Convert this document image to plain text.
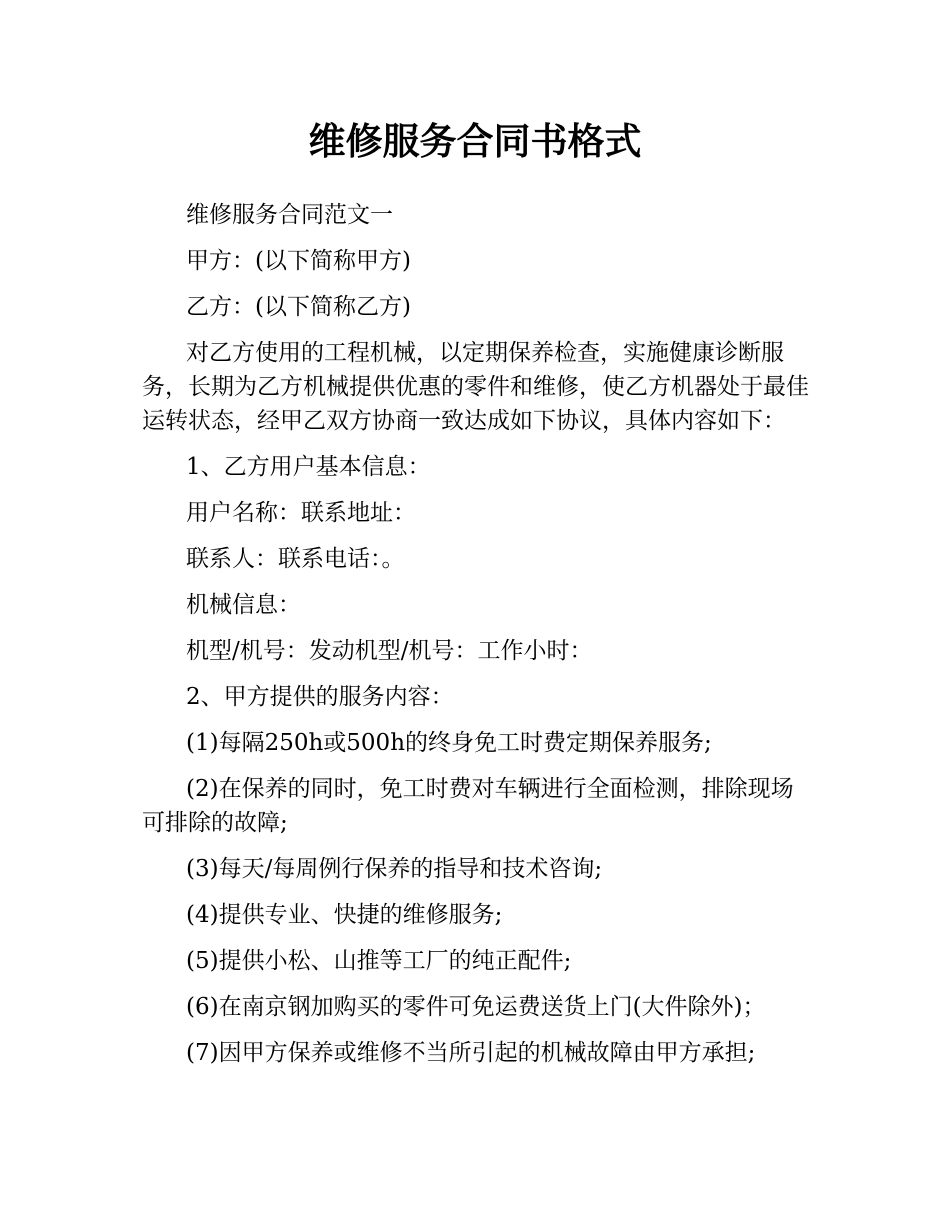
维修服务合同书格式

维修服务合同范文一

甲方：(以下简称甲方)

乙方：(以下简称乙方)

对乙方使用的工程机械，以定期保养检查，实施健康诊断服务，长期为乙方机械提供优惠的零件和维修，使乙方机器处于最佳运转状态，经甲乙双方协商一致达成如下协议，具体内容如下：

1、乙方用户基本信息：

用户名称：联系地址：

联系人：联系电话：。

机械信息：

机型/机号：发动机型/机号：工作小时：

2、甲方提供的服务内容：

(1)每隔250h或500h的终身免工时费定期保养服务;

(2)在保养的同时，免工时费对车辆进行全面检测，排除现场可排除的故障;

(3)每天/每周例行保养的指导和技术咨询;

(4)提供专业、快捷的维修服务;

(5)提供小松、山推等工厂的纯正配件;

(6)在南京钢加购买的零件可免运费送货上门(大件除外)；

(7)因甲方保养或维修不当所引起的机械故障由甲方承担;
